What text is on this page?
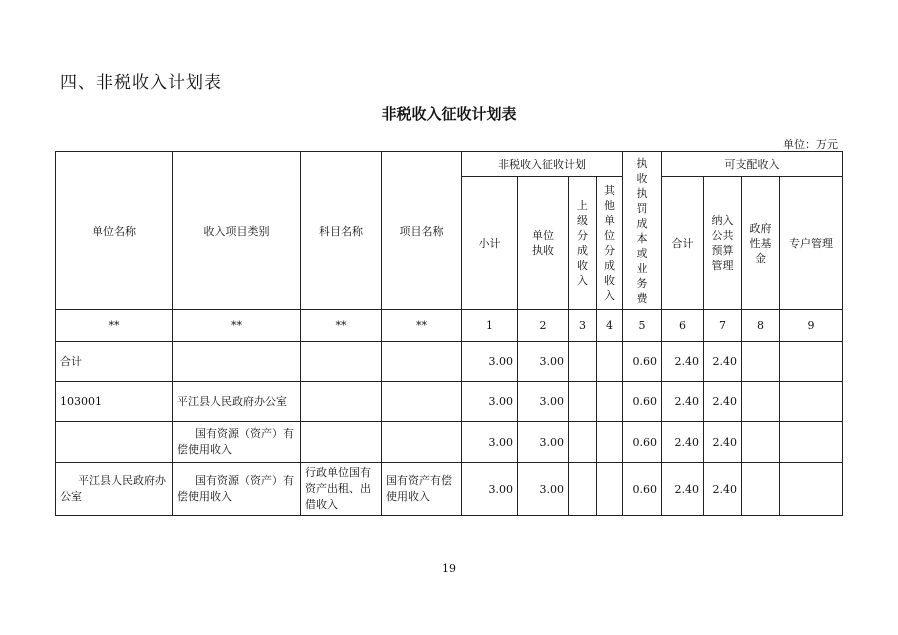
四、非税收入计划表
非税收入征收计划表
单位：万元
单位名称	收入项目类别	科目名称	项目名称	非税收入征收计划				执收执罚成本或业务费	可支配收入			
				小计	单位执收	上级分成收入	其他单位分成收入		合计	纳入公共预算管理	政府性基金	专户管理
**	**	**	**	1	2	3	4	5	6	7	8	9
合计				3.00	3.00			0.60	2.40	2.40		
103001	平江县人民政府办公室			3.00	3.00			0.60	2.40	2.40		
	国有资源（资产）有偿使用收入			3.00	3.00			0.60	2.40	2.40		
平江县人民政府办公室	国有资源（资产）有偿使用收入	行政单位国有资产出租、出借收入	国有资产有偿使用收入	3.00	3.00			0.60	2.40	2.40		
19
